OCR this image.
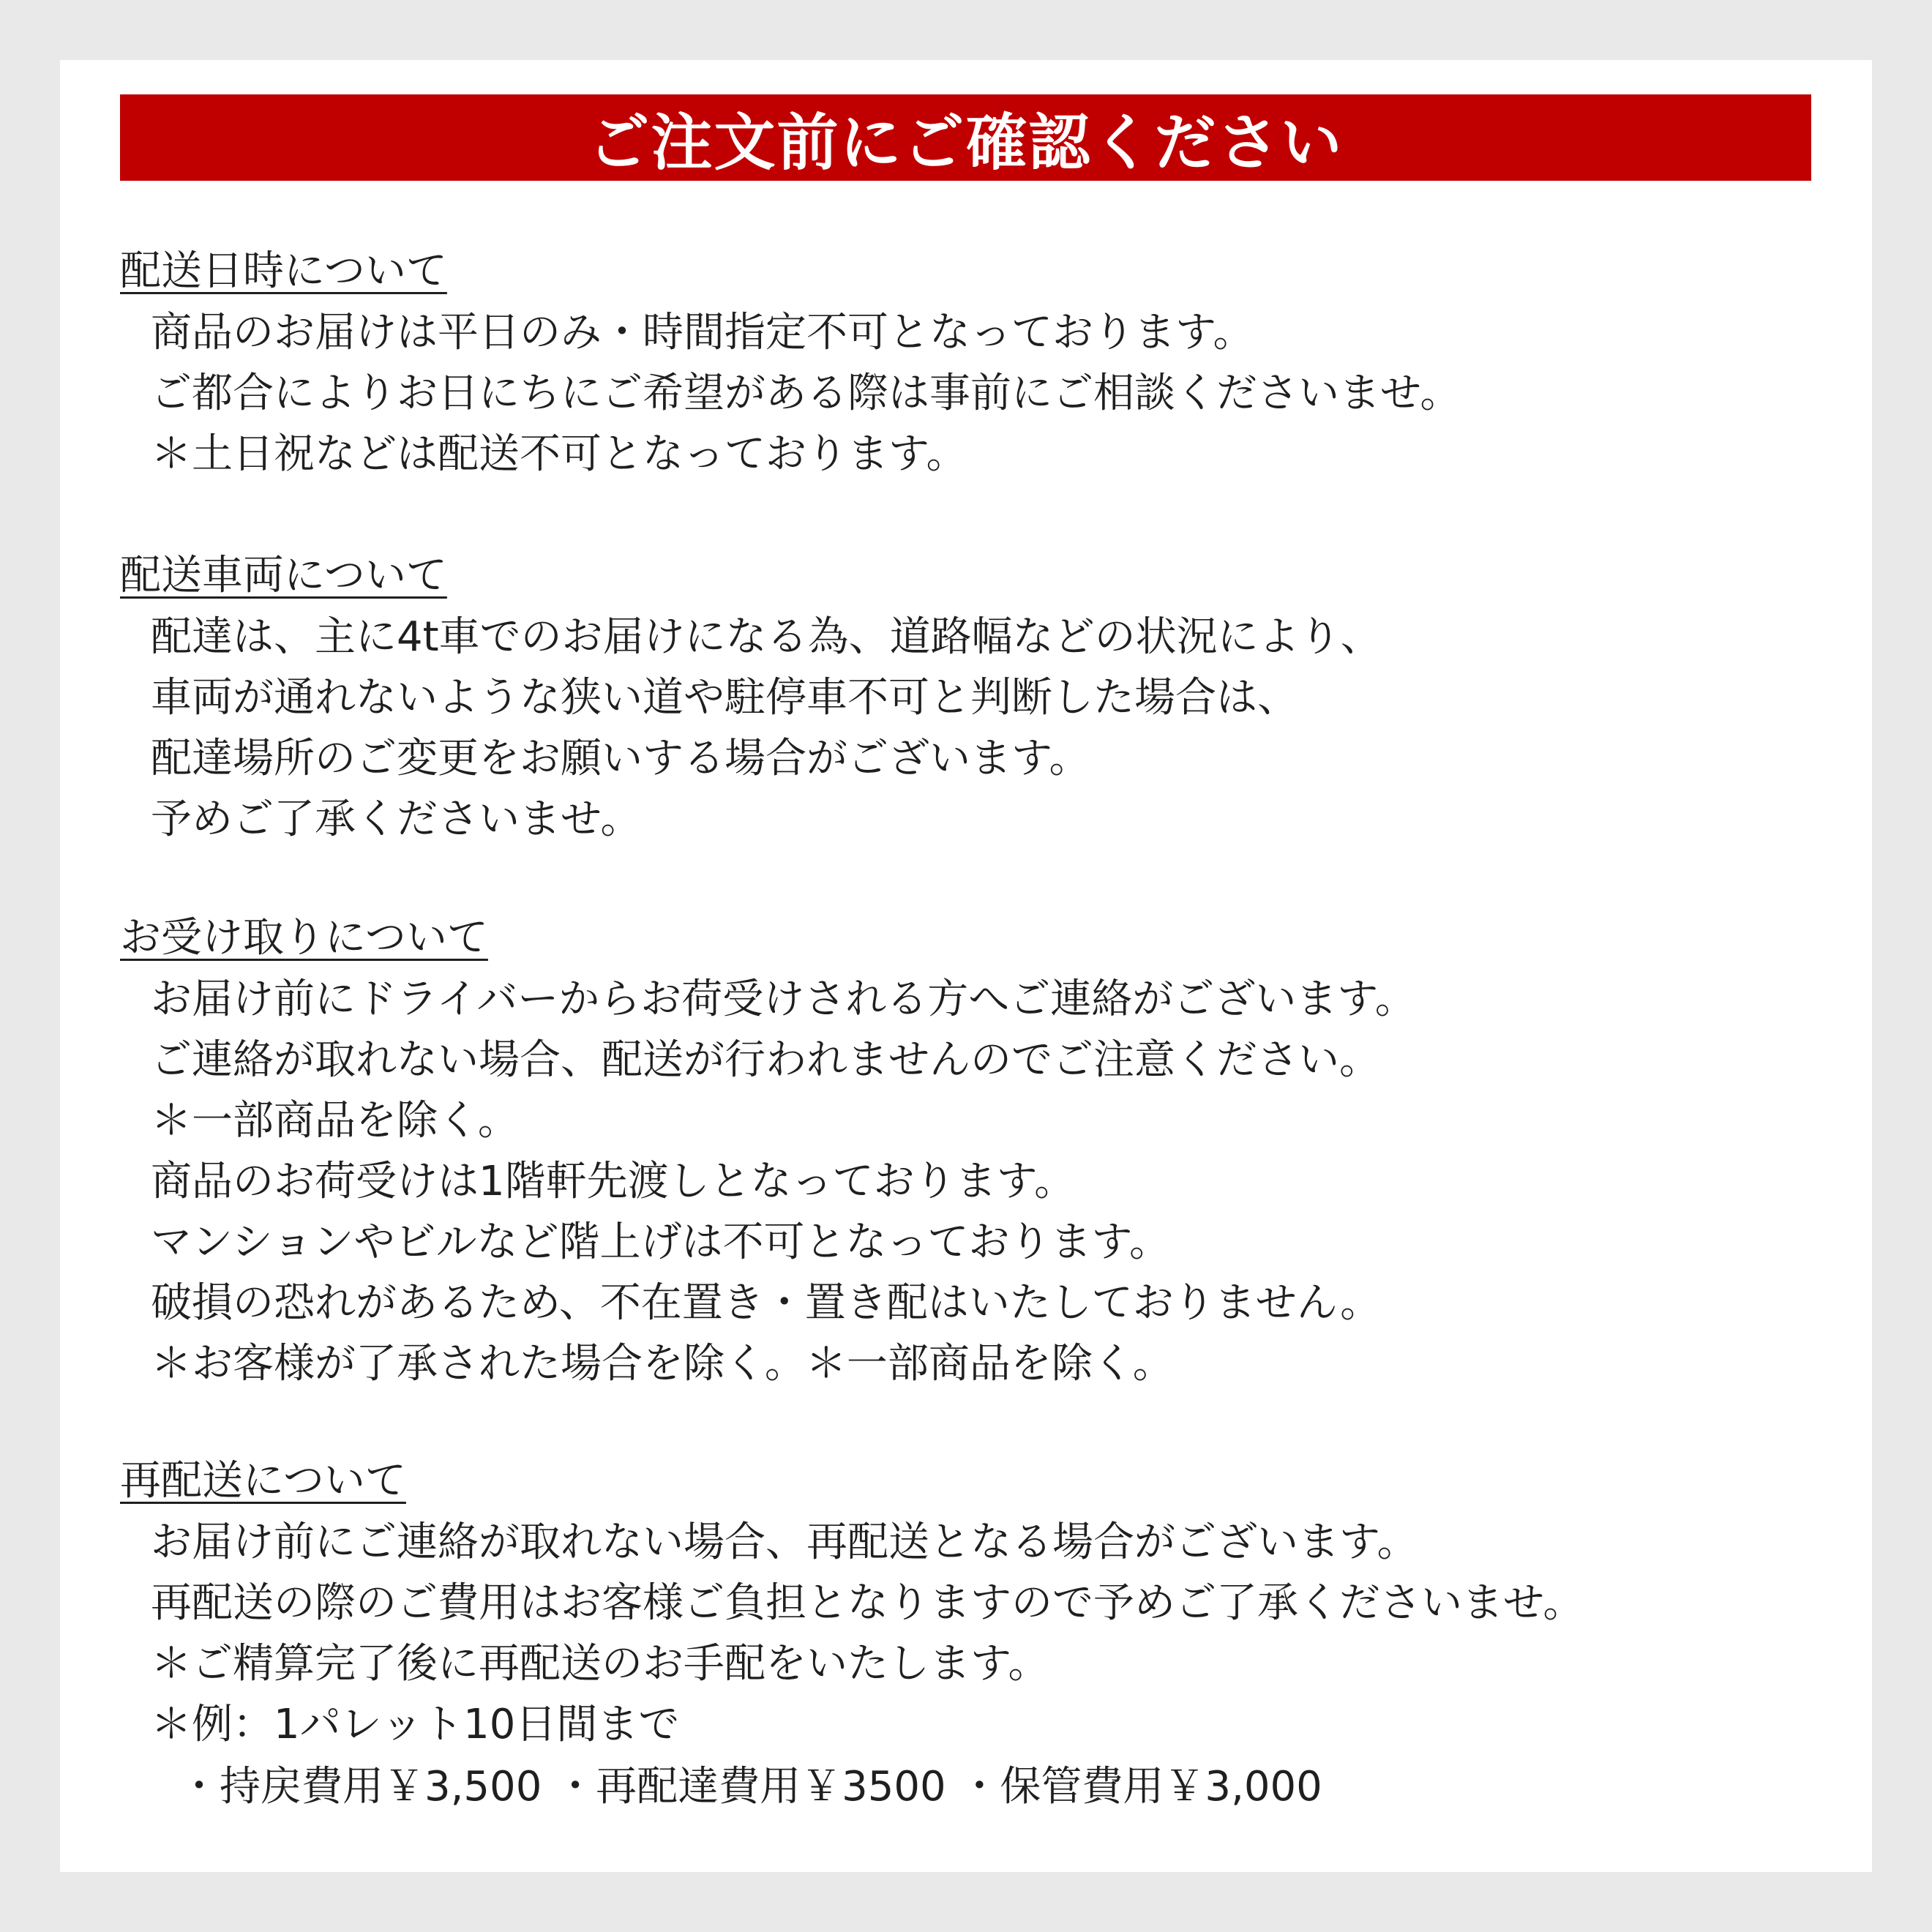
ご注文前にご確認ください
配送日時について
商品のお届けは平日のみ・時間指定不可となっております。
ご都合によりお日にちにご希望がある際は事前にご相談くださいませ。
＊土日祝などは配送不可となっております。
配送車両について
配達は、主に4t車でのお届けになる為、道路幅などの状況により、
車両が通れないような狭い道や駐停車不可と判断した場合は、
配達場所のご変更をお願いする場合がございます。
予めご了承くださいませ。
お受け取りについて
お届け前にドライバーからお荷受けされる方へご連絡がございます。
ご連絡が取れない場合、配送が行われませんのでご注意ください。
＊一部商品を除く。
商品のお荷受けは1階軒先渡しとなっております。
マンションやビルなど階上げは不可となっております。
破損の恐れがあるため、不在置き・置き配はいたしておりません。
＊お客様が了承された場合を除く。＊一部商品を除く。
再配送について
お届け前にご連絡が取れない場合、再配送となる場合がございます。
再配送の際のご費用はお客様ご負担となりますので予めご了承くださいませ。
＊ご精算完了後に再配送のお手配をいたします。
＊例：1パレット10日間まで
・持戻費用￥3,500 ・再配達費用￥3500 ・保管費用￥3,000
